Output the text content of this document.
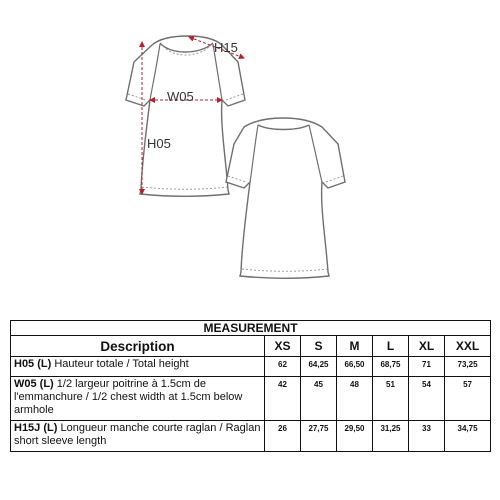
H15
W05
H05
MEASUREMENT						
Description	XS	S	M	L	XL	XXL
H05 (L) Hauteur totale / Total height	62	64,25	66,50	68,75	71	73,25
W05 (L) 1/2 largeur poitrine à 1.5cm de l'emmanchure / 1/2 chest width at 1.5cm below armhole	42	45	48	51	54	57
H15J (L) Longueur manche courte raglan / Raglan short sleeve length	26	27,75	29,50	31,25	33	34,75
